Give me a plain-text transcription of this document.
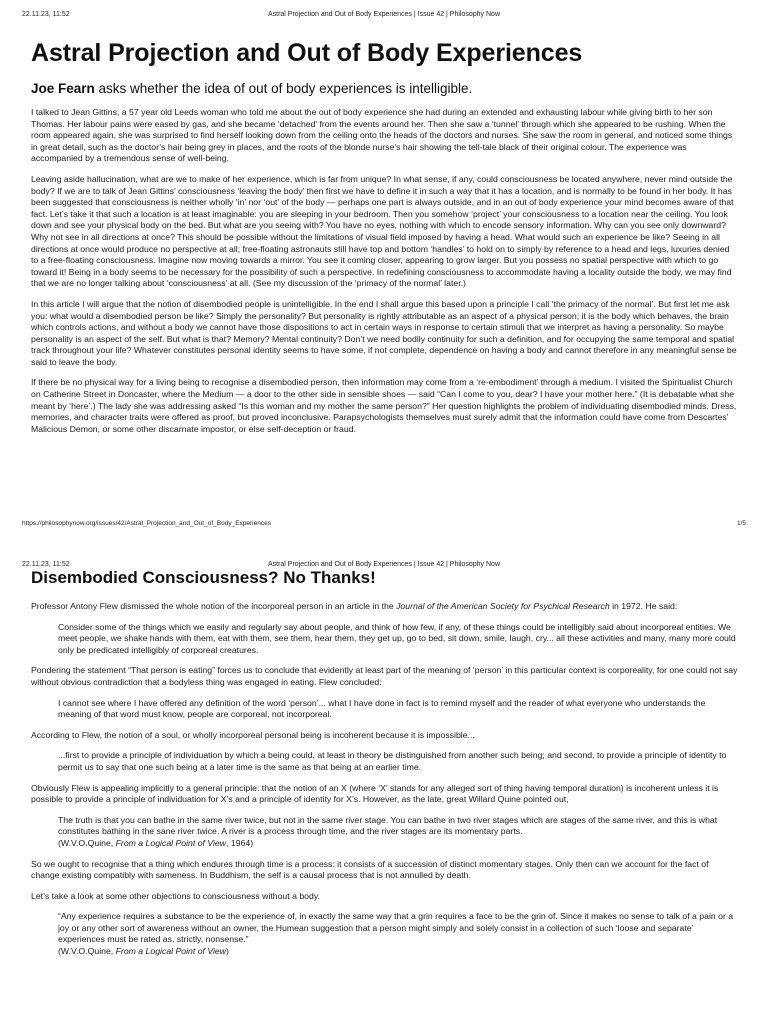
22.11.23, 11:52	Astral Projection and Out of Body Experiences | Issue 42 | Philosophy Now
Astral Projection and Out of Body Experiences
Joe Fearn asks whether the idea of out of body experiences is intelligible.

I talked to Jean Gittins, a 57 year old Leeds woman who told me about the out of body experience she had during an extended and exhausting labour while giving birth to her son Thomas. Her labour pains were eased by gas, and she became ‘detached’ from the events around her. Then she saw a ‘tunnel’ through which she appeared to be rushing. When the room appeared again, she was surprised to find herself looking down from the ceiling onto the heads of the doctors and nurses. She saw the room in general, and noticed some things in great detail, such as the doctor’s hair being grey in places, and the roots of the blonde nurse’s hair showing the tell-tale black of their original colour. The experience was accompanied by a tremendous sense of well-being.

Leaving aside hallucination, what are we to make of her experience, which is far from unique? In what sense, if any, could consciousness be located anywhere, never mind outside the body? If we are to talk of Jean Gittins’ consciousness ‘leaving the body’ then first we have to define it in such a way that it has a location, and is normally to be found in her body. It has been suggested that consciousness is neither wholly ‘in’ nor ‘out’ of the body — perhaps one part is always outside, and in an out of body experience your mind becomes aware of that fact. Let’s take it that such a location is at least imaginable: you are sleeping in your bedroom. Then you somehow ‘project’ your consciousness to a location near the ceiling. You look down and see your physical body on the bed. But what are you seeing with? You have no eyes, nothing with which to encode sensory information. Why can you see only downward? Why not see in all directions at once? This should be possible without the limitations of visual field imposed by having a head. What would such an experience be like? Seeing in all directions at once would produce no perspective at all; free-floating astronauts still have top and bottom ‘handles’ to hold on to simply by reference to a head and legs, luxuries denied to a free-floating consciousness. Imagine now moving towards a mirror. You see it coming closer, appearing to grow larger. But you possess no spatial perspective with which to go toward it! Being in a body seems to be necessary for the possibility of such a perspective. In redefining consciousness to accommodate having a locality outside the body, we may find that we are no longer talking about ‘consciousness’ at all. (See my discussion of the ‘primacy of the normal’ later.)

In this article I will argue that the notion of disembodied people is unintelligible. In the end I shall argue this based upon a principle I call ‘the primacy of the normal’. But first let me ask you: what would a disembodied person be like? Simply the personality? But personality is rightly attributable as an aspect of a physical person; it is the body which behaves, the brain which controls actions, and without a body we cannot have those dispositions to act in certain ways in response to certain stimuli that we interpret as having a personality. So maybe personality is an aspect of the self. But what is that? Memory? Mental continuity? Don’t we need bodily continuity for such a definition, and for occupying the same temporal and spatial track throughout your life? Whatever constitutes personal identity seems to have some, if not complete, dependence on having a body and cannot therefore in any meaningful sense be said to leave the body.

If there be no physical way for a living being to recognise a disembodied person, then information may come from a ‘re-embodiment’ through a medium. I visited the Spiritualist Church on Catherine Street in Doncaster, where the Medium — a door to the other side in sensible shoes — said “Can I come to you, dear? I have your mother here.” (It is debatable what she meant by ‘here’.) The lady she was addressing asked “Is this woman and my mother the same person?” Her question highlights the problem of individuating disembodied minds. Dress, memories, and character traits were offered as proof, but proved inconclusive. Parapsychologists themselves must surely admit that the information could have come from Descartes’ Malicious Demon, or some other discarnate impostor, or else self-deception or fraud.

https://philosophynow.org/issues/42/Astral_Projection_and_Out_of_Body_Experiences	1/5
22.11.23, 11:52	Astral Projection and Out of Body Experiences | Issue 42 | Philosophy Now
Disembodied Consciousness? No Thanks!

Professor Antony Flew dismissed the whole notion of the incorporeal person in an article in the Journal of the American Society for Psychical Research in 1972. He said:

Consider some of the things which we easily and regularly say about people, and think of how few, if any, of these things could be intelligibly said about incorporeal entities. We meet people, we shake hands with them, eat with them, see them, hear them, they get up, go to bed, sit down, smile, laugh, cry... all these activities and many, many more could only be predicated intelligibly of corporeal creatures.

Pondering the statement “That person is eating” forces us to conclude that evidently at least part of the meaning of ‘person’ in this particular context is corporeality, for one could not say without obvious contradiction that a bodyless thing was engaged in eating. Flew concluded:

I cannot see where I have offered any definition of the word ‘person’... what I have done in fact is to remind myself and the reader of what everyone who understands the meaning of that word must know, people are corporeal, not incorporeal.

According to Flew, the notion of a soul, or wholly incorporeal personal being is incoherent because it is impossible...

...first to provide a principle of individuation by which a being could, at least in theory be distinguished from another such being; and second, to provide a principle of identity to permit us to say that one such being at a later time is the same as that being at an earlier time.

Obviously Flew is appealing implicitly to a general principle: that the notion of an X (where ‘X’ stands for any alleged sort of thing having temporal duration) is incoherent unless it is possible to provide a principle of individuation for X’s and a principle of identity for X’s. However, as the late, great Willard Quine pointed out,

The truth is that you can bathe in the same river twice, but not in the same river stage. You can bathe in two river stages which are stages of the same river, and this is what constitutes bathing in the sane river twice. A river is a process through time, and the river stages are its momentary parts.
(W.V.O.Quine, From a Logical Point of View, 1964)

So we ought to recognise that a thing which endures through time is a process: it consists of a succession of distinct momentary stages. Only then can we account for the fact of change existing compatibly with sameness. In Buddhism, the self is a causal process that is not annulled by death.

Let’s take a look at some other objections to consciousness without a body.

“Any experience requires a substance to be the experience of, in exactly the same way that a grin requires a face to be the grin of. Since it makes no sense to talk of a pain or a joy or any other sort of awareness without an owner, the Humean suggestion that a person might simply and solely consist in a collection of such ‘loose and separate’ experiences must be rated as, strictly, nonsense.”
(W.V.O.Quine, From a Logical Point of View)
